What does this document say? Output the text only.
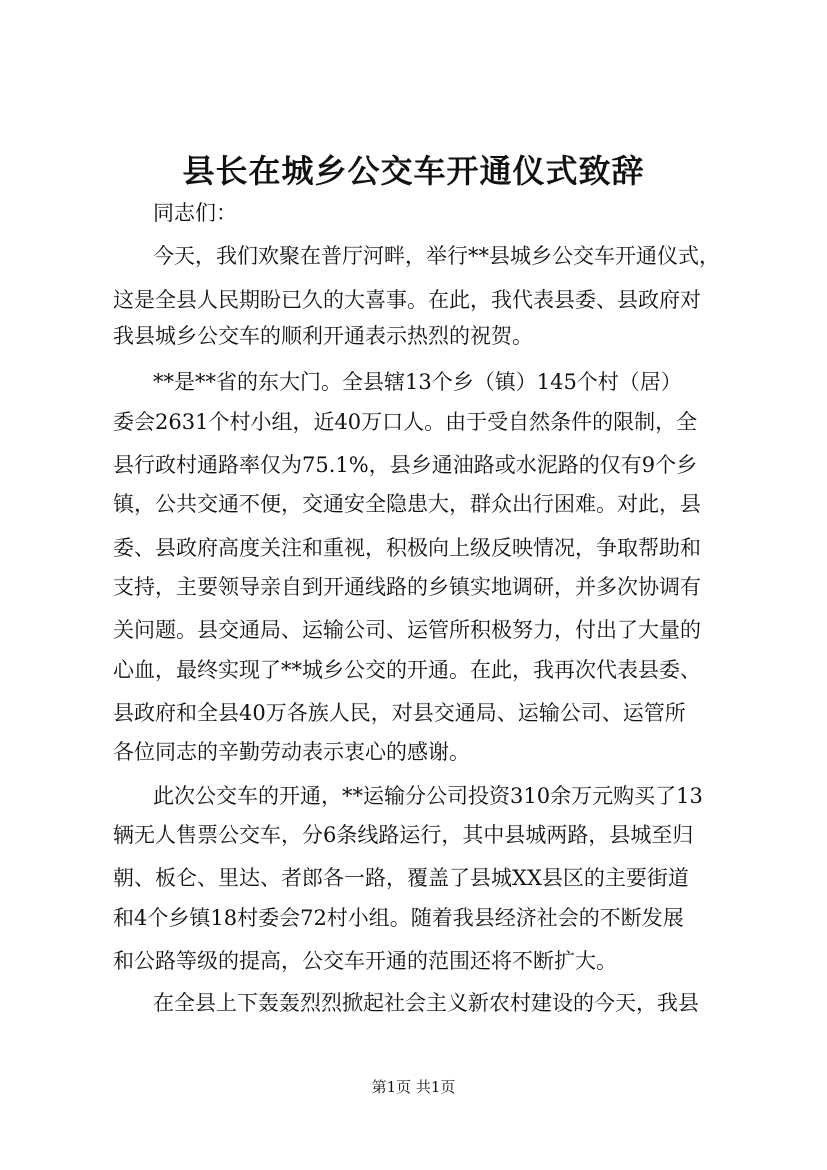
县长在城乡公交车开通仪式致辞

同志们：

今天，我们欢聚在普厅河畔，举行**县城乡公交车开通仪式，

这是全县人民期盼已久的大喜事。在此，我代表县委、县政府对

我县城乡公交车的顺利开通表示热烈的祝贺。

**是**省的东大门。全县辖13个乡（镇）145个村（居）

委会2631个村小组，近40万口人。由于受自然条件的限制，全

县行政村通路率仅为75.1%，县乡通油路或水泥路的仅有9个乡

镇，公共交通不便，交通安全隐患大，群众出行困难。对此，县

委、县政府高度关注和重视，积极向上级反映情况，争取帮助和

支持，主要领导亲自到开通线路的乡镇实地调研，并多次协调有

关问题。县交通局、运输公司、运管所积极努力，付出了大量的

心血，最终实现了**城乡公交的开通。在此，我再次代表县委、

县政府和全县40万各族人民，对县交通局、运输公司、运管所

各位同志的辛勤劳动表示衷心的感谢。

此次公交车的开通，**运输分公司投资310余万元购买了13

辆无人售票公交车，分6条线路运行，其中县城两路，县城至归

朝、板仑、里达、者郎各一路，覆盖了县城XX县区的主要街道

和4个乡镇18村委会72村小组。随着我县经济社会的不断发展

和公路等级的提高，公交车开通的范围还将不断扩大。

在全县上下轰轰烈烈掀起社会主义新农村建设的今天，我县

第1页 共1页
